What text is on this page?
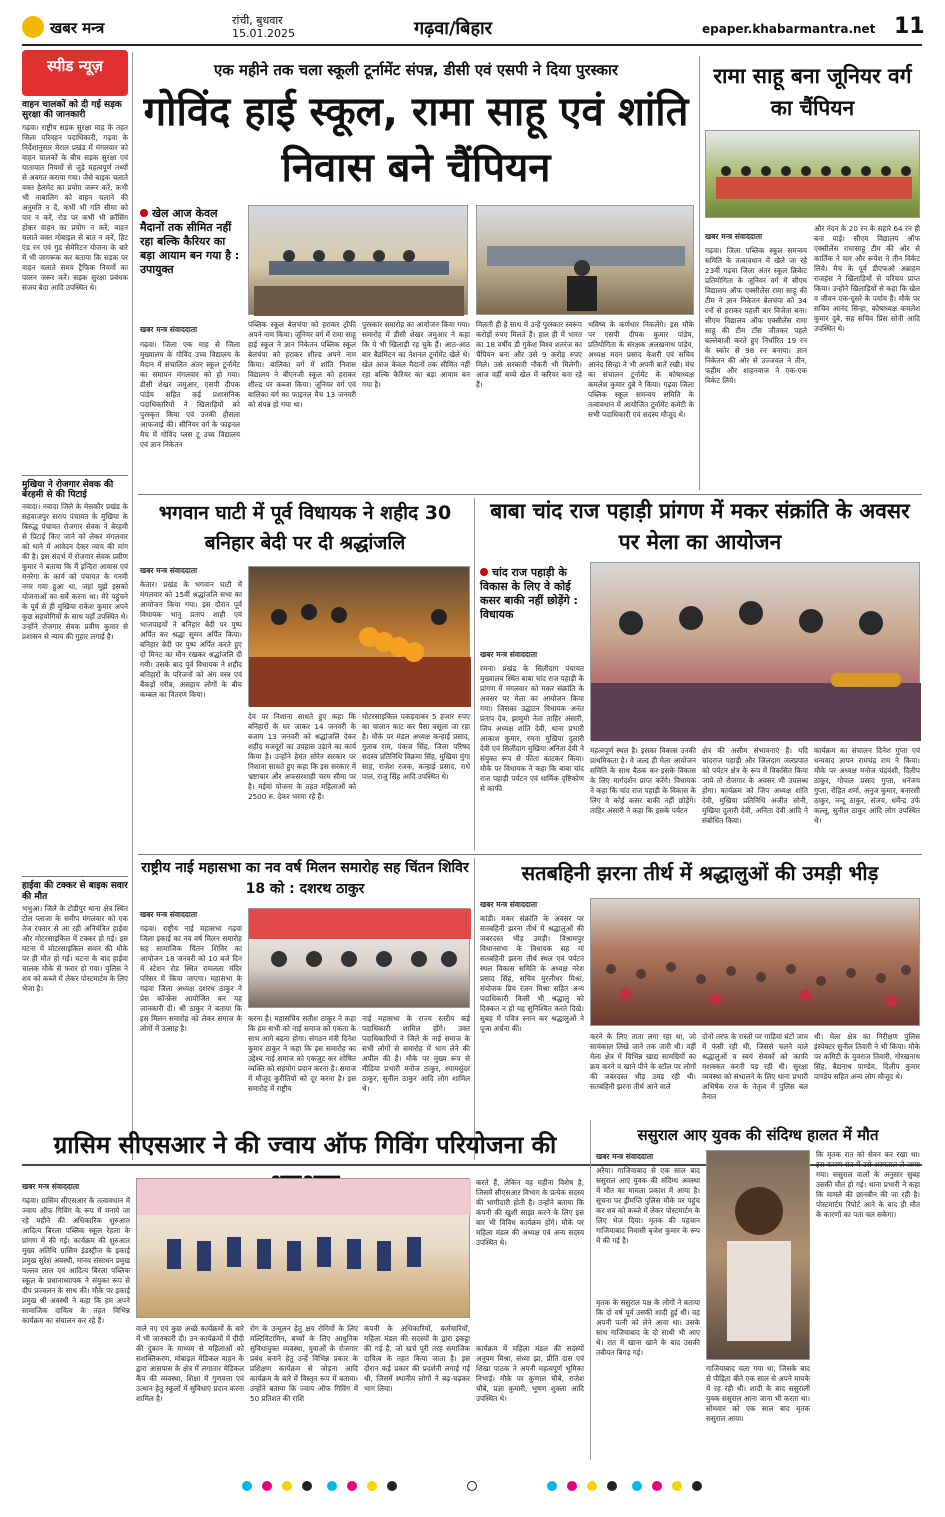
खबर मन्त्र	रांची, बुधवार
15.01.2025	गढ़वा/बिहार	epaper.khabarmantra.net 11
स्पीड न्यूज़
वाहन चालकों को दी गई सड़क सुरक्षा की जानकारी
गढ़वा। राष्ट्रीय सड़क सुरक्षा माह के तहत जिला परिवहन पदाधिकारी, गढ़वा के निर्देशानुसार मेराल प्रखंड में मंगलवार को वाहन चालकों के बीच सड़क सुरक्षा एवं यातायात नियमों से जुड़े महत्वपूर्ण तथ्यों से अवगत कराया गया। जैसे बाइक चलाते वक्त हेलमेट का प्रयोग जरूर करें, कभी भी नाबालिग को वाहन चलाने की अनुमति न दें, कभी भी गति सीमा को पार न करें, रोड पर कभी भी क्रॉसिंग होकर वाहन का प्रयोग न करें, वाहन चलाते वक्त मोबाइल से बात न करें, हिट एंड रन एवं गुड सेमेरिटन योजना के बारे में भी जागरूक कर बताया कि सड़क पर वाहन चलाते समय ट्रैफिक नियमों का पालन जरूर करें। सड़क सुरक्षा प्रबंधक संजय बेदा आदि उपस्थित थे।
मुखिया ने रोजगार सेवक की बेरहमी से की पिटाई
नवादा। नवादा जिले के मेसकौर प्रखंड के सहवाजपुर सराय पंचायत के मुखिया के बिरुद्ध पंचायत रोजगार सेवक ने बेरहमी से पिटाई किए जाने को लेकर मंगलवार को थाने में आवेदन देकर न्याय की मांग की है। इस संदर्भ में रोजगार सेवक प्रवीण कुमार ने बताया कि मैं इन्दिरा आवास एवं मनरेगा के कार्य को पंचायत के गनमी नगर गया हुआ था, जहां मुझे इसको योजनाओं का सर्वे करना था। मेरे पहुंचने के पूर्व से ही मुखिया राकेश कुमार अपने कुछ सहयोगियों के साथ वहाँ उपस्थित थे। उन्होंने रोजगार सेवक प्रवीण कुमार से प्रशासन से न्याय की गुहार लगाई है।
हाईवा की टक्कर से बाइक सवार की मौत
भभुआ। जिले के टोडीपुर थाना क्षेत्र स्थित टोल प्लाजा के समीप मंगलवार को एक तेज रफ्तार से आ रही अनियंत्रित हाईवा और मोटरसाइकिल में टक्कर हो गई। इस घटना में मोटरसाइकिल सवार की मौके पर ही मौत हो गई। घटना के बाद हाईवा चालक मौके से फरार हो गया। पुलिस ने शव को कब्जे में लेकर पोस्टमार्टम के लिए भेजा है।
एक महीने तक चला स्कूली टूर्नामेंट संपन्न, डीसी एवं एसपी ने दिया पुरस्कार
गोविंद हाई स्कूल, रामा साहू एवं शांति निवास बने चैंपियन
खेल आज केवल मैदानों तक सीमित नहीं रहा बल्कि कैरियर का बड़ा आयाम बन गया है : उपायुक्त
खबर मन्त्र संवाददाता
गढ़वा। जिला एक माह से जिला मुख्यालय के गोविंद उच्च विद्यालय के मैदान में संचालित अंतर स्कूल टूर्नामेंट का समापन मंगलवार को हो गया। डीसी शेखर जमुआर, एसपी दीपक पांडेय सहित कई प्रशासनिक पदाधिकारियों ने खिलाड़ियों को पुरस्कृत किया एवं उनकी हौसला आफजाई की। सीनियर वर्ग के फाइनल मैच में गोविंद प्लस टू उच्च विद्यालय एवं ज्ञान निकेतन
पब्लिक स्कूल बेलचंपा को हराकर ट्रॉफी अपने नाम किया। जूनियर वर्ग में रामा साहू हाई स्कूल ने ज्ञान निकेतन पब्लिक स्कूल बेलचंपा को हराकर शील्ड अपने नाम किया। बालिका वर्ग में शांति निवास विद्यालय ने बीएनजी स्कूल को हराकर शील्ड पर कब्जा किया। जूनियर वर्ग एवं बालिका वर्ग का फाइनल मैच 13 जनवरी को संपन्न हो गया था।
पुरस्कार समारोह का आयोजन किया गया। समारोह में डीसी शेखर जमुआर ने कहा कि ये भी खिलाड़ी रह चुके हैं। आठ-आठ बार बैडमिंटन का नेशनल टूर्नामेंट खेले थे। खेल आज केवल मैदानों तक सीमित नहीं रहा बल्कि कैरियर का बड़ा आयाम बन गया है।
मिलती ही है साथ में उन्हें पुरस्कार स्वरूप करोड़ों रुपए मिलते हैं। हाल ही में भारत का 18 वर्षीय डी गुकेश विश्व शतरंज का चैंपियन बना और उसे 9 करोड़ रुपए मिले। उसे सरकारी नौकरी भी मिलेगी। आज वहीं बच्चे खेल में करियर बना रहे हैं।
भविष्य के कर्णधार निकलेंगे। इस मौके पर एसपी दीपक कुमार पांडेय, प्रतियोगिता के संरक्षक अलखनाथ पांडेय, अध्यक्ष मदन प्रसाद केशरी एवं सचिव आनंद सिन्हा ने भी अपनी बातें रखी। मंच का संचालन टूर्नामेंट के कोषाध्यक्ष कमलेश कुमार दुबे ने किया। गढ़वा जिला पब्लिक स्कूल समन्वय समिति के तत्वावधान में आयोजित टूर्नामेंट कमेटी के सभी पदाधिकारी एवं सदस्य मौजूद थे।
रामा साहू बना जूनियर वर्ग का चैंपियन
खबर मन्त्र संवाददाता
गढ़वा। जिला पब्लिक स्कूल समन्वय समिति के तत्वावधान में खेले जा रहे 23वीं गढ़वा जिला अंतर स्कूल क्रिकेट प्रतियोगिता के जूनियर वर्ग में सीएम विद्यालय ऑफ एक्सीलेंस रामा साहू की टीम ने ज्ञान निकेतन बेलचंपा को 34 रनों से हराकर पहली बार विजेता बना। सीएम विद्यालय ऑफ एक्सीलेंस रामा साहू की टीम टॉस जीतकर पहले बल्लेबाजी करते हुए निर्धारित 19 रन के स्कोर से 98 रन बनाया। ज्ञान निकेतन की ओर से उज्जवल ने तीन, फहीम और शाहनवाज ने एक-एक विकेट लिये।
और नंदन के 20 रन के सहारे 64 रन ही बना पाई। सीएम विद्यालय ऑफ एक्सीलेंस रामासाहू टीम की ओर से कार्तिक ने चार और रूपेश ने तीन विकेट लिये। मैच के पूर्व डीएफओ अब्राहम राजहंस ने खिलाड़ियों से परिचय प्राप्त किया। उन्होंने खिलाड़ियों से कहा कि खेल व जीवन एक-दूसरे के पर्याय हैं। मौके पर सचिव आनंद सिन्हा, कोषाध्यक्ष कमलेश कुमार दुबे, सह सचिव प्रिंस सोनी आदि उपस्थित थे।
भगवान घाटी में पूर्व विधायक ने शहीद 30 बनिहार बेदी पर दी श्रद्धांजलि
खबर मन्त्र संवाददाता
केतार। प्रखंड के भगवान घाटी में मंगलवार को 15वीं श्रद्धांजलि सभा का आयोजन किया गया। इस दौरान पूर्व विधायक भानु प्रताप शाही एवं भाजपाइयों ने बनिहार बेदी पर पुष्प अर्पित कर श्रद्धा सुमन अर्पित किया। बनिहार बेदी पर पुष्प अर्पित करते हुए दो मिनट का मौन रखकर श्रद्धांजलि दी गयी। उसके बाद पूर्व विधायक ने शहीद बनिहारों के परिजनों को अंग वस्त्र एवं बैंकड़ों गरीब, असहाय लोगों के बीच कम्बल का वितरण किया।
देव पर निशाना साधते हुए कहा कि बनिहारों के घर जाकर 14 जनवरी के बजाय 13 जनवरी को श्रद्धांजलि देकर शहीद मजदूरों का उपहास उड़ाने का कार्य किया है। उन्होंने हेमंत सोरेन सरकार पर निशाना साधते हुए कहा कि इस सरकार में भ्रष्टाचार और अफसरशाही चरम सीमा पर है। मईयां योजना के तहत महिलाओं को 2500 रु. देकर भरमा रहे हैं।
मोटरसाइकिल पकड़वाकर 5 हजार रुपए का चालान काट कर पैसा वसूला जा रहा है। मौके पर मंडल अध्यक्ष कन्हाई प्रसाद, गुलाब राम, पंकज सिंह, जिला परिषद सदस्य प्रतिनिधि विक्रमा सिंह, मुखिया मुंगा साह, राजेश रजक, कन्हाई प्रसाद, राधे पाल, राजु सिंह आदि उपस्थित थे।
बाबा चांद राज पहाड़ी प्रांगण में मकर संक्रांति के अवसर पर मेला का आयोजन
चांद राज पहाड़ी के विकास के लिए वे कोई कसर बाकी नहीं छोड़ेंगे : विधायक
खबर मन्त्र संवाददाता
रमना। प्रखंड के सिलीदाग पंचायत मुख्यालय स्थित बाबा चांद राज पहाड़ी के प्रांगण में मंगलवार को मकर संक्रांति के अवसर पर मेला का आयोजन किया गया। जिसका उद्घाटन विधायक अनंत प्रताप देव, झामुमो नेता ताहिर अंसारी, जिप अध्यक्ष शांति देवी, थाना प्रभारी आकाश कुमार, रमना मुखिया दुलारी देवी एवं सिलीदाग मुखिया अनिता देवी ने संयुक्त रूप से फीता काटकर किया। मौके पर विधायक ने कहा कि बाबा चांद राज पहाड़ी पर्यटन एवं धार्मिक दृष्टिकोण से काफी
महत्वपूर्ण स्थल है। इसका विकास उनकी प्राथमिकता है। वे जल्द ही मेला आयोजन समिति के साथ बैठक कर इसके विकास के लिए मार्गदर्शन प्राप्त करेंगे। विधायक ने कहा कि चांद राज पहाड़ी के विकास के लिए वे कोई कसर बाकी नहीं छोड़ेंगे। ताहिर अंसारी ने कहा कि इसके पर्यटन
क्षेत्र की असीम संभावनाएं हैं। यदि चांदराज पहाड़ी और जिलदाग जलप्रपात को पर्यटन क्षेत्र के रूप में विकसित किया जाये तो रोजगार के अवसर भी उपलब्ध होगा। कार्यक्रम को जिप अध्यक्ष शांति देवी, मुखिया प्रतिनिधि अजीत सोनी, मुखिया दुलारी देवी, अनिता देवी आदि ने संबोधित किया।
कार्यक्रम का संचालन दिनेश गुप्ता एवं धन्यवाद ज्ञापन रामचंद्र राम ने किया। मौके पर अध्यक्ष मनोज चंद्रवंशी, दिलीप ठाकुर, गोपाल प्रसाद गुप्ता, धनंजय गुप्ता, रोहित शर्मा, अनुज कुमार, बनारसी ठाकुर, नन्दू ठाकुर, संजय, धर्मेन्द्र उर्फ कल्लू, सुनील ठाकुर आदि लोग उपस्थित थे।
राष्ट्रीय नाई महासभा का नव वर्ष मिलन समारोह सह चिंतन शिविर 18 को : दशरथ ठाकुर
खबर मन्त्र संवाददाता
गढ़वा। राष्ट्रीय नाई महासभा गढ़वा जिला इकाई का नव वर्ष मिलन समारोह सह सामाजिक चिंतन शिविर का आयोजन 18 जनवरी को 10 बजे दिन में स्टेशन रोड स्थित रामलला मंदिर परिसर में किया जाएगा। महासभा के गढ़वा जिला अध्यक्ष दशरथ ठाकुर ने प्रेस कॉन्फ्रेंस आयोजित कर यह जानकारी दी। श्री ठाकुर ने बताया कि इस मिलन समारोह को लेकर समाज के लोगों में उत्साह है।
करना है। महासचिव सतीश ठाकुर ने कहा कि हम सभी को नाई समाज को एकता के साथ आगे बढ़ना होगा। संगठन मंत्री दिनेश कुमार ठाकुर ने कहा कि इस समारोह का उद्देश्य नाई समाज को एकजुट कर शोषित व्यक्ति को सहयोग प्रदान करना है। समाज में मौजूद कुरीतियों को दूर करना है। इस समारोह में राष्ट्रीय
नाई महासभा के राज्य स्तरीय कई पदाधिकारी शामिल होंगे। उक्त पदाधिकारियों ने जिले के नाई समाज के सभी लोगों से समारोह में भाग लेने की अपील की है। मौके पर मुख्य रूप से मीडिया प्रभारी मनोज ठाकुर, श्यामसुंदर ठाकुर, सुनील ठाकुर आदि लोग शामिल थे।
सतबहिनी झरना तीर्थ में श्रद्धालुओं की उमड़ी भीड़
खबर मन्त्र संवाददाता
कांडी। मकर संक्रांति के अवसर पर सतबहिनी झरना तीर्थ में श्रद्धालुओं की जबरदस्त भीड़ उमड़ी। विश्रामपुर विधानसभा के विधायक सह मां सतबहिनी झरना तीर्थ स्थल एवं पर्यटन स्थल विकास समिति के अध्यक्ष नरेश प्रसाद सिंह, सचिव मुरलीधर मिश्रा, संयोजक प्रिय रंजन मिश्रा सहित अन्य पदाधिकारी किसी भी श्रद्धालु को दिक्कत न हो यह सुनिश्चित करते दिखे। सुबह में पवित्र स्नान कर श्रद्धालुओं ने पूजा अर्चना की।
करने के लिए ताता लगा रहा था, जो सायंकाल लिखे जाने तक जारी थी। वहीं मेला क्षेत्र में विभिन्न खाद्य सामग्रियों का क्रय करने व खाने पीने के स्टॉल पर लोगों की जबरदस्त भीड़ उमड़ रही थी। सतबहिनी झरना तीर्थ आने वाले
दोनों तरफ के रास्तों पर गाड़ियां घंटों जाम में फंसी रही थी, जिससे चलने वाले श्रद्धालुओं व स्वयं सेवकों को काफी मशक्कत करनी पड़ रही थी। सुरक्षा व्यवस्था को संभालने के लिए थाना प्रभारी अभिषेक राज के नेतृत्व में पुलिस बल तैनात
थी। मेला क्षेत्र का निरीक्षण पुलिस इंस्पेक्टर सुनील तिवारी ने भी किया। मौके पर कमिटी के युवराज तिवारी, गोरखनाथ सिंह, बैद्यनाथ पाण्डेय, दिलीप कुमार पाण्डेय सहित अन्य लोग मौजूद थे।
ग्रासिम सीएसआर ने की ज्वाय ऑफ गिविंग परियोजना की
खबर मन्त्र संवाददाता
गढ़वा। ग्रासिम सीएसआर के तत्वावधान में ज्वाय ऑफ गिविंग के रूप में मनाये जा रहे महीने की अधिकारिक शुरुआत आदित्य बिरला पब्लिक स्कूल रेहला के प्रांगण में की गई। कार्यक्रम की शुरुआत मुख्य अतिथि ग्रासिम इंडस्ट्रीज के इकाई प्रमुख सुरेश अवस्थी, मानव संसाधन प्रमुख पल्लव लाल एवं आदित्य बिरला पब्लिक स्कूल के प्रधानाध्यापक ने संयुक्त रूप से दीप प्रज्वलन के साथ की। मौके पर इकाई प्रमुख श्री अवस्थी ने कहा कि हम अपने सामाजिक दायित्व के तहत विभिन्न कार्यक्रम का संचालन कर रहे हैं।
वाले नए एवं कुछ अच्छे कार्यक्रमों के बारे में भी जानकारी दी। उन कार्यक्रमों में दीदी की दुकान के माध्यम से महिलाओं को सशक्तिकरण, मोबाइल मेडिकल वाहन के द्वारा आसपास के क्षेत्र में लगातार मेडिकल कैंप की व्यवस्था, शिक्षा में गुणवत्ता एवं उत्थान हेतु स्कूलों में सुविधाएं प्रदान करना शामिल है।
रोग के उन्मूलन हेतु क्षय रोगियों के लिए मल्टिविटामिन, बच्चों के लिए आधुनिक सुविधायुक्त व्यवस्था, युवाओं के रोजगार प्रबंध बनाने हेतु उन्हें विभिन्न प्रकार के प्रशिक्षण कार्यक्रम से जोड़ना आदि कार्यक्रम के बारे में विस्तृत रूप में बताया। उन्होंने बताया कि ज्वाय ऑफ गिविंग में 50 प्रतिशत की राशि
कंपनी के अधिकारियों, कर्मचारियों, महिला मंडल की सदस्यों के द्वारा इकट्ठा की गई है, जो खर्च पूरी तरह समाजिक दायित्व के तहत किया जाता है। इस दौरान कई प्रकार की प्रदर्शनी लगाई गई थी, जिसमें स्थानीय लोगों ने बढ़-चढ़कर भाग लिया।
करते हैं, लेकिन वह महीना विशेष है, जिसमें सीएसआर विभाग के प्रत्येक सदस्य की भागीदारी होती है। उन्होंने बताया कि कंपनी की खुशी साझा करने के लिए इस बार भी विविध कार्यक्रम होंगे। मौके पर महिला मंडल की अध्यक्ष एवं अन्य सदस्य उपस्थित थे।
कार्यक्रम में महिला मंडल की सदस्यों अनुपम मिश्रा, संध्या झा, प्रीति दास एवं शिखा पाठक ने अपनी महत्वपूर्ण भूमिका निभाई। मौके पर कुणाल चौबे, राजेश चौबे, प्रज्ञा कुमारी, भूषण शुक्ला आदि उपस्थित थे।
ससुराल आए युवक की संदिग्ध हालत में मौत
खबर मन्त्र संवाददाता
अरैया। गाजियाबाद से एक साल बाद ससुराल आए युवक की संदिग्ध अवस्था में मौत का मामला प्रकाश में आया है। सूचना पर ड्रीमप्ति पुलिस मौके पर पहुंच कर शव को कब्जे में लेकर पोस्टमार्टम के लिए भेज दिया। मृतक की पहचान गाजियाबाद निवासी बृजेश कुमार के रूप में की गई है।
मृतक के ससुराल पक्ष के लोगों ने बताया कि दो वर्ष पूर्व उसकी शादी हुई थी। वह अपनी पत्नी को लेने आया था। उसके साथ गाजियाबाद के दो साथी भी आए थे। रात में खाना खाने के बाद उसकी तबीयत बिगड़ गई।
गाजियाबाद चला गया था, जिसके बाद से पीड़िता बीते एक साल से अपने मायके में रह रही थी। शादी के बाद ससुराली युवक ससुराल आना जाना भी करता था। सोमवार को एक साल बाद मृतक ससुराल आया।
कि मृतक रात को सेवन कर रखा था। इस कारण रात में उसे अस्पताल ले जाया गया। ससुराल वालों के अनुसार सुबह उसकी मौत हो गई। थाना प्रभारी ने कहा कि मामले की छानबीन की जा रही है। पोस्टमार्टम रिपोर्ट आने के बाद ही मौत के कारणों का पता चल सकेगा।
